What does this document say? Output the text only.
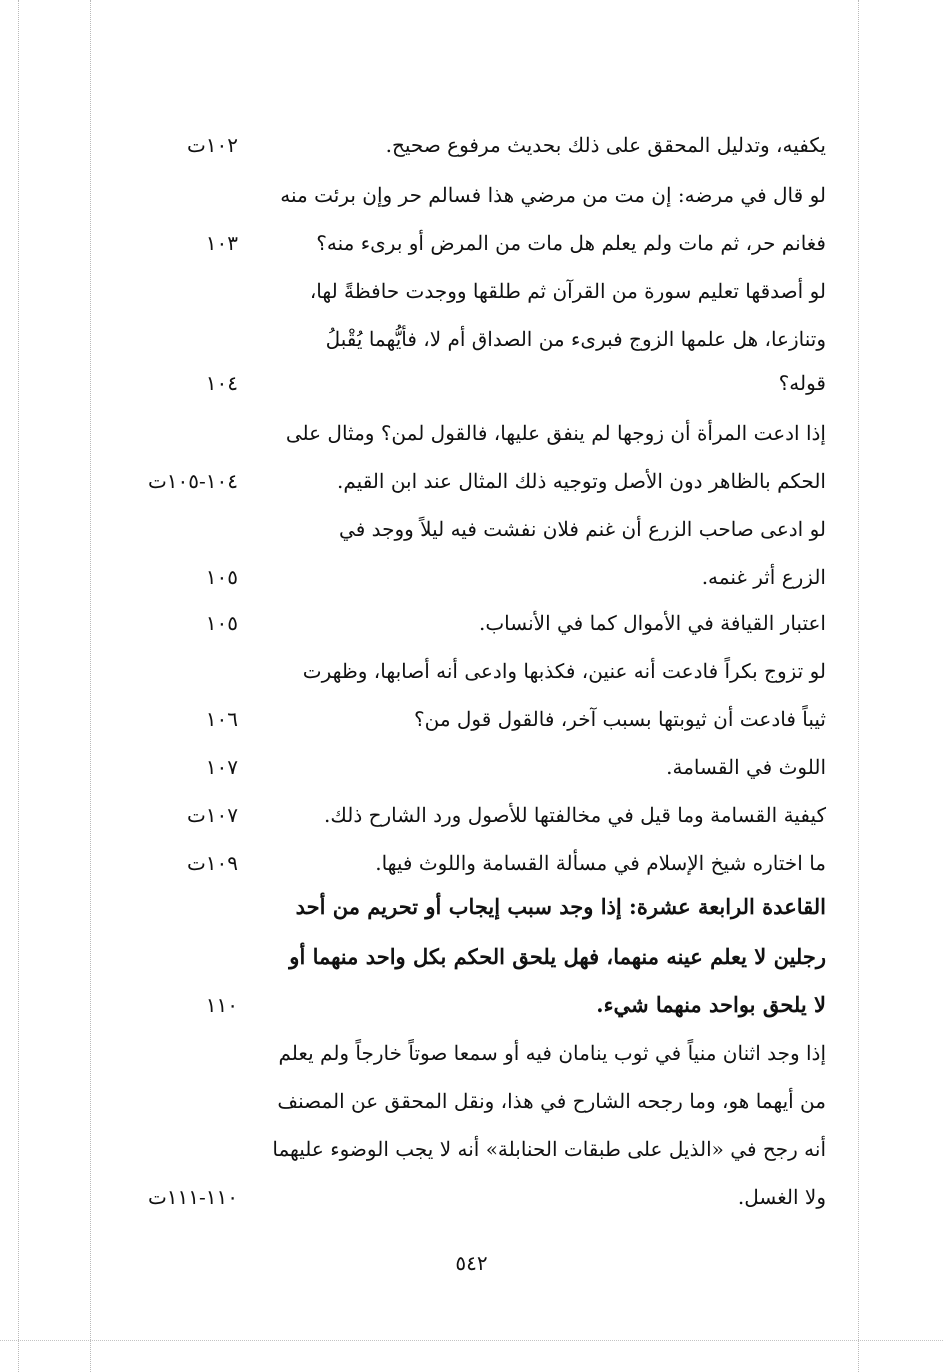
يكفيه، وتدليل المحقق على ذلك بحديث مرفوع صحيح.
١٠٢ت
لو قال في مرضه: إن مت من مرضي هذا فسالم حر وإن برئت منه
فغانم حر، ثم مات ولم يعلم هل مات من المرض أو برىء منه؟
١٠٣
لو أصدقها تعليم سورة من القرآن ثم طلقها ووجدت حافظةً لها،
وتنازعا، هل علمها الزوج فبرىء من الصداق أم لا، فأيُّهما يُقْبلُ
قوله؟
١٠٤
إذا ادعت المرأة أن زوجها لم ينفق عليها، فالقول لمن؟ ومثال على
الحكم بالظاهر دون الأصل وتوجيه ذلك المثال عند ابن القيم.
١٠٤-١٠٥ت
لو ادعى صاحب الزرع أن غنم فلان نفشت فيه ليلاً ووجد في
الزرع أثر غنمه.
١٠٥
اعتبار القيافة في الأموال كما في الأنساب.
١٠٥
لو تزوج بكراً فادعت أنه عنين، فكذبها وادعى أنه أصابها، وظهرت
ثيباً فادعت أن ثيوبتها بسبب آخر، فالقول قول من؟
١٠٦
اللوث في القسامة.
١٠٧
كيفية القسامة وما قيل في مخالفتها للأصول ورد الشارح ذلك.
١٠٧ت
ما اختاره شيخ الإسلام في مسألة القسامة واللوث فيها.
١٠٩ت
القاعدة الرابعة عشرة: إذا وجد سبب إيجاب أو تحريم من أحد
رجلين لا يعلم عينه منهما، فهل يلحق الحكم بكل واحد منهما أو
لا يلحق بواحد منهما شيء.
١١٠
إذا وجد اثنان منياً في ثوب ينامان فيه أو سمعا صوتاً خارجاً ولم يعلم
من أيهما هو، وما رجحه الشارح في هذا، ونقل المحقق عن المصنف
أنه رجح في «الذيل على طبقات الحنابلة» أنه لا يجب الوضوء عليهما
ولا الغسل.
١١٠-١١١ت
٥٤٢
